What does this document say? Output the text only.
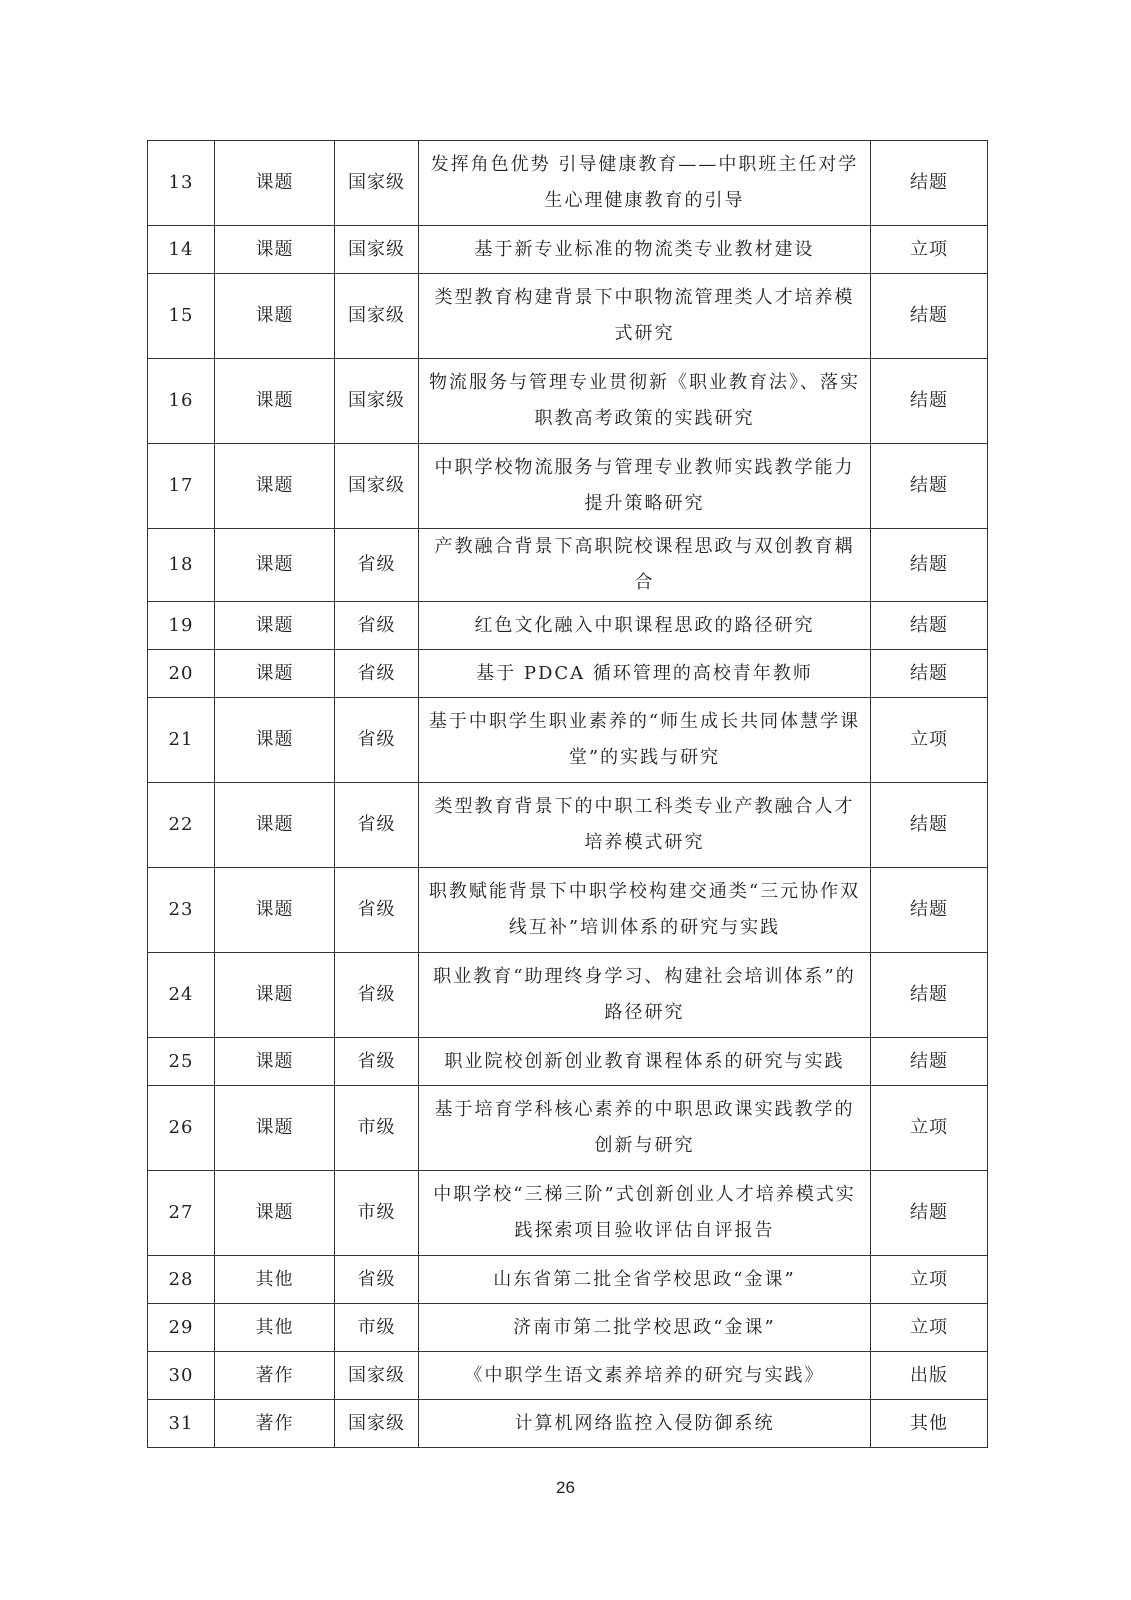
13	课题	国家级	发挥角色优势 引导健康教育——中职班主任对学生心理健康教育的引导	结题
14	课题	国家级	基于新专业标准的物流类专业教材建设	立项
15	课题	国家级	类型教育构建背景下中职物流管理类人才培养模式研究	结题
16	课题	国家级	物流服务与管理专业贯彻新《职业教育法》、落实职教高考政策的实践研究	结题
17	课题	国家级	中职学校物流服务与管理专业教师实践教学能力提升策略研究	结题
18	课题	省级	产教融合背景下高职院校课程思政与双创教育耦合	结题
19	课题	省级	红色文化融入中职课程思政的路径研究	结题
20	课题	省级	基于 PDCA 循环管理的高校青年教师	结题
21	课题	省级	基于中职学生职业素养的“师生成长共同体慧学课堂”的实践与研究	立项
22	课题	省级	类型教育背景下的中职工科类专业产教融合人才培养模式研究	结题
23	课题	省级	职教赋能背景下中职学校构建交通类“三元协作双线互补”培训体系的研究与实践	结题
24	课题	省级	职业教育“助理终身学习、构建社会培训体系”的路径研究	结题
25	课题	省级	职业院校创新创业教育课程体系的研究与实践	结题
26	课题	市级	基于培育学科核心素养的中职思政课实践教学的创新与研究	立项
27	课题	市级	中职学校“三梯三阶”式创新创业人才培养模式实践探索项目验收评估自评报告	结题
28	其他	省级	山东省第二批全省学校思政“金课”	立项
29	其他	市级	济南市第二批学校思政“金课”	立项
30	著作	国家级	《中职学生语文素养培养的研究与实践》	出版
31	著作	国家级	计算机网络监控入侵防御系统	其他
26
